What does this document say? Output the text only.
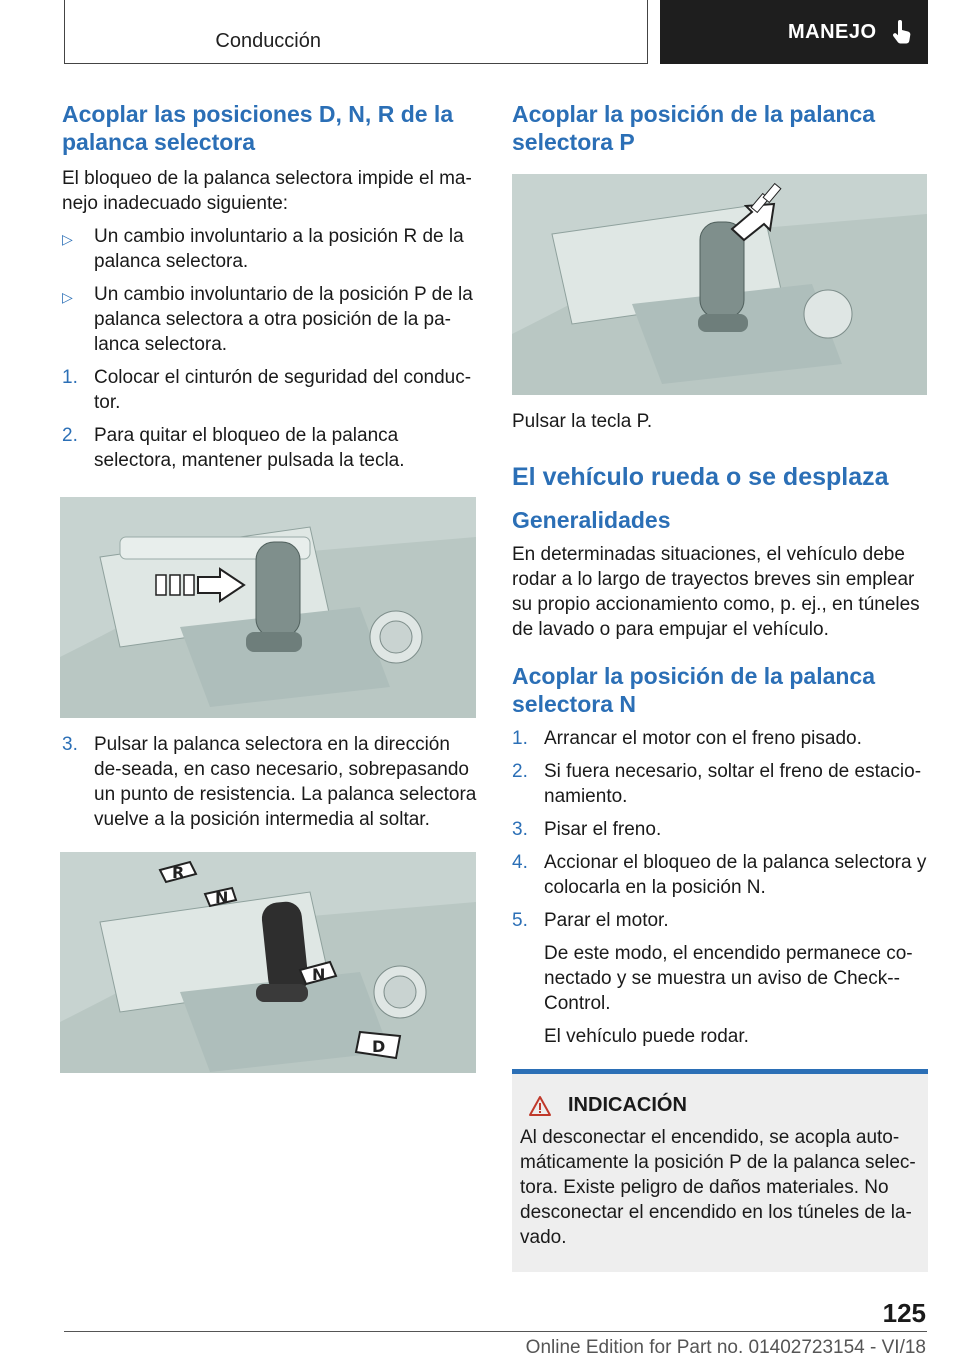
Conducción	MANEJO
Acoplar las posiciones D, N, R de la palanca selectora

El bloqueo de la palanca selectora impide el ma-nejo inadecuado siguiente:

▷ Un cambio involuntario a la posición R de la palanca selectora.
▷ Un cambio involuntario de la posición P de la palanca selectora a otra posición de la pa-lanca selectora.
1. Colocar el cinturón de seguridad del conduc-tor.
2. Para quitar el bloqueo de la palanca selectora, mantener pulsada la tecla.
3. Pulsar la palanca selectora en la dirección de-seada, en caso necesario, sobrepasando un punto de resistencia. La palanca selectora vuelve a la posición intermedia al soltar.
R
N
N
D
Acoplar la posición de la palanca selectora P

Pulsar la tecla P.

El vehículo rueda o se desplaza
Generalidades

En determinadas situaciones, el vehículo debe rodar a lo largo de trayectos breves sin emplear su propio accionamiento como, p. ej., en túneles de lavado o para empujar el vehículo.

Acoplar la posición de la palanca selectora N
1. Arrancar el motor con el freno pisado.
2. Si fuera necesario, soltar el freno de estacio-namiento.
3. Pisar el freno.
4. Accionar el bloqueo de la palanca selectora y colocarla en la posición N.
5. Parar el motor.
De este modo, el encendido permanece co-nectado y se muestra un aviso de Check--Control.
El vehículo puede rodar.
INDICACIÓN
Al desconectar el encendido, se acopla auto-máticamente la posición P de la palanca selec-tora. Existe peligro de daños materiales. No desconectar el encendido en los túneles de la-vado.
125
Online Edition for Part no. 01402723154 - VI/18
